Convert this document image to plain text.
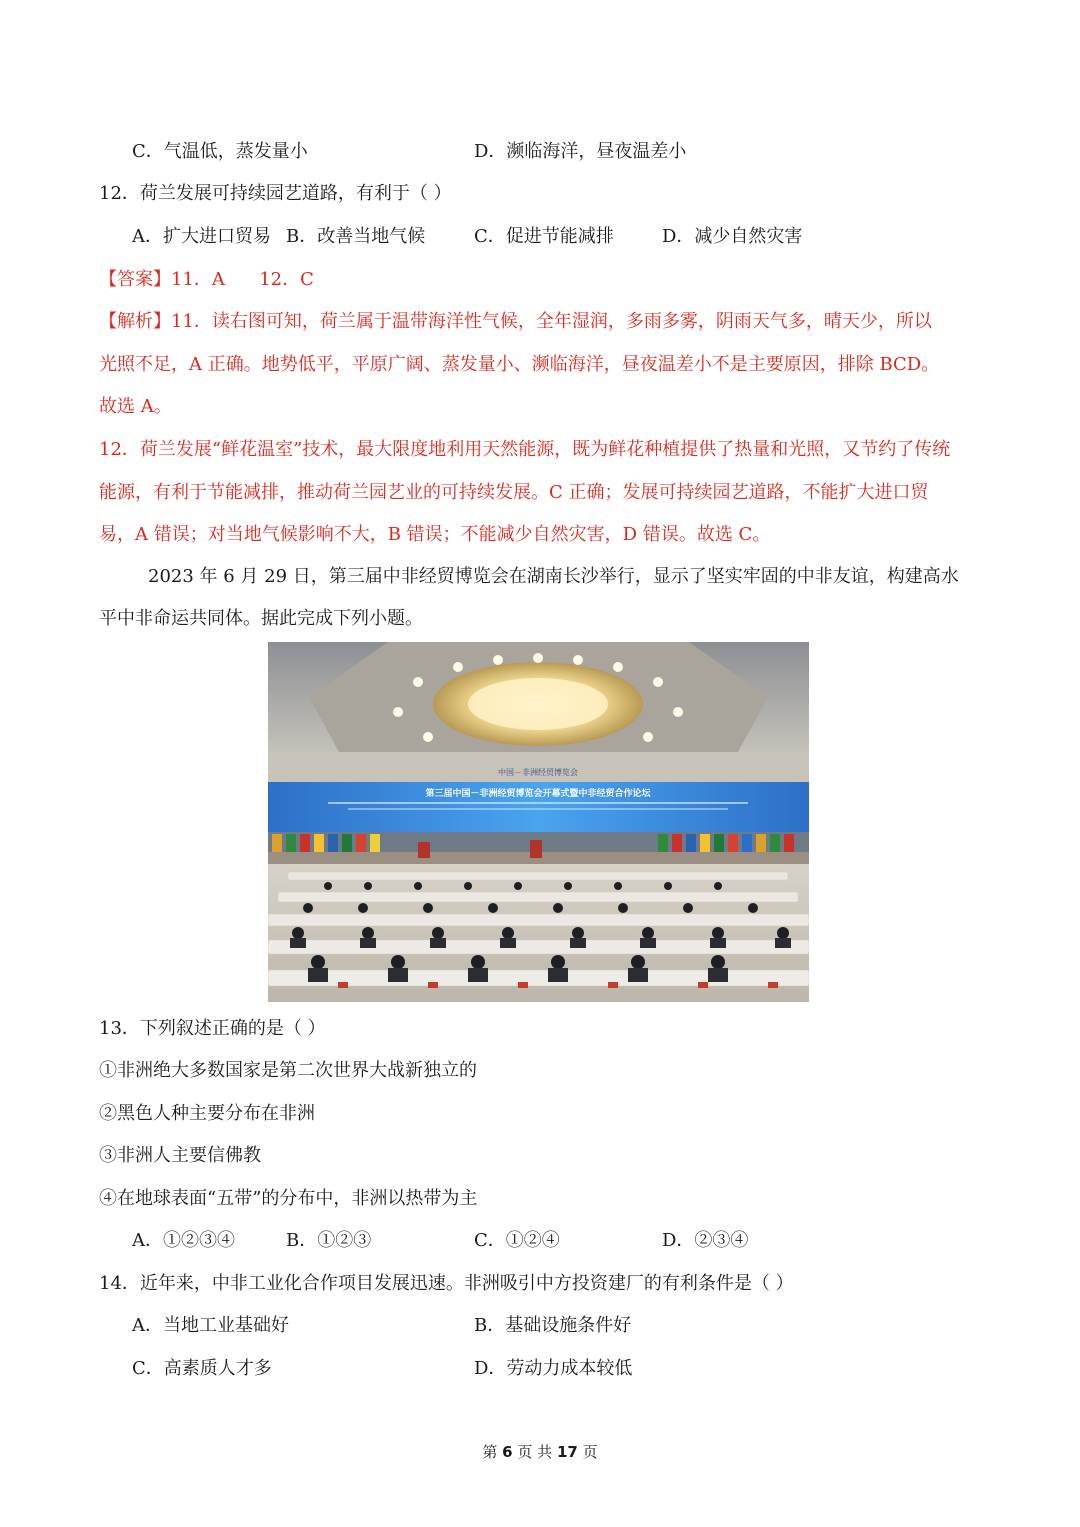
C．气温低，蒸发量小	D．濒临海洋，昼夜温差小
12．荷兰发展可持续园艺道路，有利于（ ）
A．扩大进口贸易 B．改善当地气候	C．促进节能减排	D．减少自然灾害
【答案】11．A      12．C
【解析】11．读右图可知，荷兰属于温带海洋性气候，全年湿润，多雨多雾，阴雨天气多，晴天少，所以
光照不足，A 正确。地势低平，平原广阔、蒸发量小、濒临海洋，昼夜温差小不是主要原因，排除 BCD。
故选 A。
12．荷兰发展“鲜花温室”技术，最大限度地利用天然能源，既为鲜花种植提供了热量和光照，又节约了传统
能源，有利于节能减排，推动荷兰园艺业的可持续发展。C 正确；发展可持续园艺道路，不能扩大进口贸
易，A 错误；对当地气候影响不大，B 错误；不能减少自然灾害，D 错误。故选 C。
2023 年 6 月 29 日，第三届中非经贸博览会在湖南长沙举行，显示了坚实牢固的中非友谊，构建高水
平中非命运共同体。据此完成下列小题。
中国－非洲经贸博览会
第三届中国－非洲经贸博览会开幕式暨中非经贸合作论坛
13．下列叙述正确的是（ ）
①非洲绝大多数国家是第二次世界大战新独立的
②黑色人种主要分布在非洲
③非洲人主要信佛教
④在地球表面“五带”的分布中，非洲以热带为主
A．①②③④	B．①②③	C．①②④	D．②③④
14．近年来，中非工业化合作项目发展迅速。非洲吸引中方投资建厂的有利条件是（ ）
A．当地工业基础好	B．基础设施条件好
C．高素质人才多	D．劳动力成本较低
第 6 页 共 17 页
